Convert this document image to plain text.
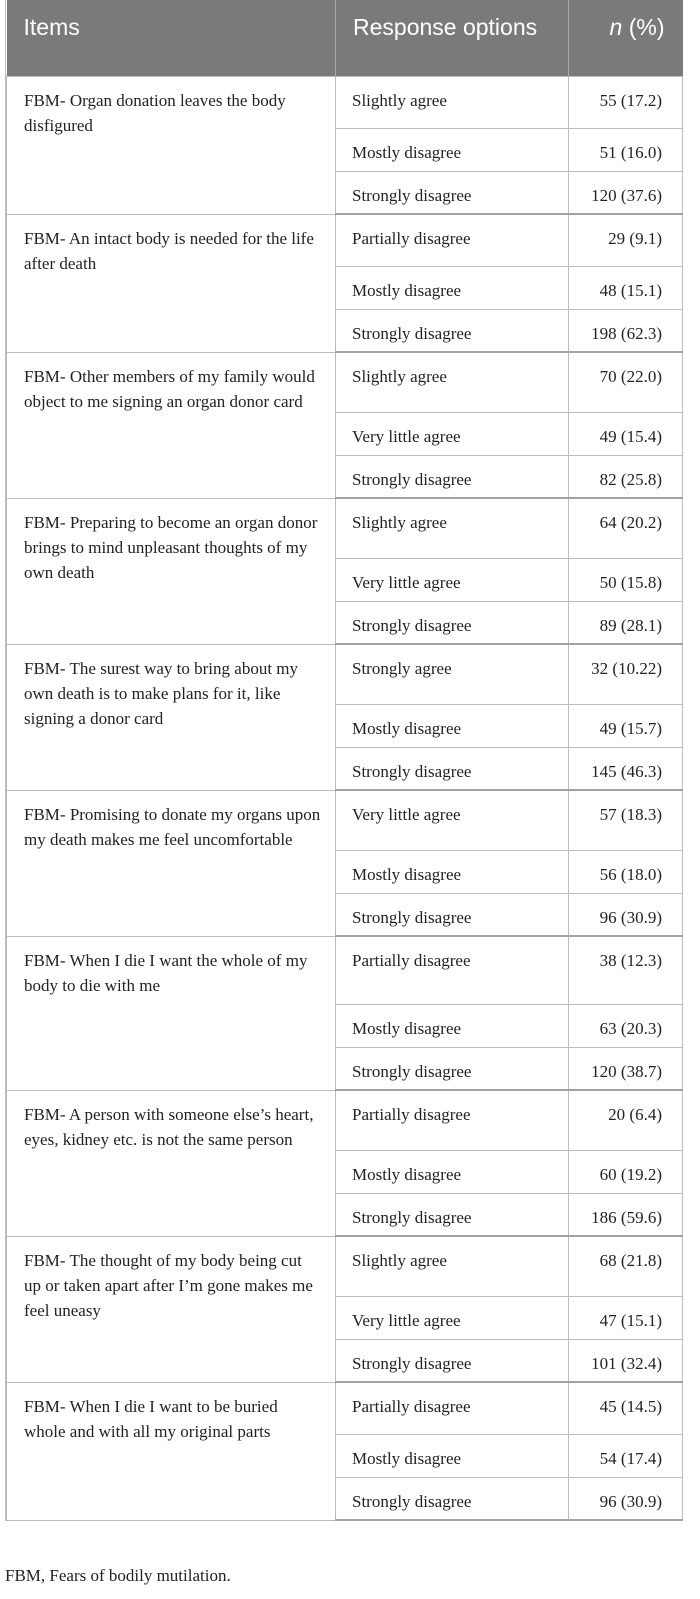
Items	Response options	n (%)
FBM- Organ donation leaves the body disfigured	Slightly agree	55 (17.2)
	Mostly disagree	51 (16.0)
	Strongly disagree	120 (37.6)
FBM- An intact body is needed for the life after death	Partially disagree	29 (9.1)
	Mostly disagree	48 (15.1)
	Strongly disagree	198 (62.3)
FBM- Other members of my family would object to me signing an organ donor card	Slightly agree	70 (22.0)
	Very little agree	49 (15.4)
	Strongly disagree	82 (25.8)
FBM- Preparing to become an organ donor brings to mind unpleasant thoughts of my own death	Slightly agree	64 (20.2)
	Very little agree	50 (15.8)
	Strongly disagree	89 (28.1)
FBM- The surest way to bring about my own death is to make plans for it, like signing a donor card	Strongly agree	32 (10.22)
	Mostly disagree	49 (15.7)
	Strongly disagree	145 (46.3)
FBM- Promising to donate my organs upon my death makes me feel uncomfortable	Very little agree	57 (18.3)
	Mostly disagree	56 (18.0)
	Strongly disagree	96 (30.9)
FBM- When I die I want the whole of my body to die with me	Partially disagree	38 (12.3)
	Mostly disagree	63 (20.3)
	Strongly disagree	120 (38.7)
FBM- A person with someone else’s heart, eyes, kidney etc. is not the same person	Partially disagree	20 (6.4)
	Mostly disagree	60 (19.2)
	Strongly disagree	186 (59.6)
FBM- The thought of my body being cut up or taken apart after I’m gone makes me feel uneasy	Slightly agree	68 (21.8)
	Very little agree	47 (15.1)
	Strongly disagree	101 (32.4)
FBM- When I die I want to be buried whole and with all my original parts	Partially disagree	45 (14.5)
	Mostly disagree	54 (17.4)
	Strongly disagree	96 (30.9)
FBM, Fears of bodily mutilation.
